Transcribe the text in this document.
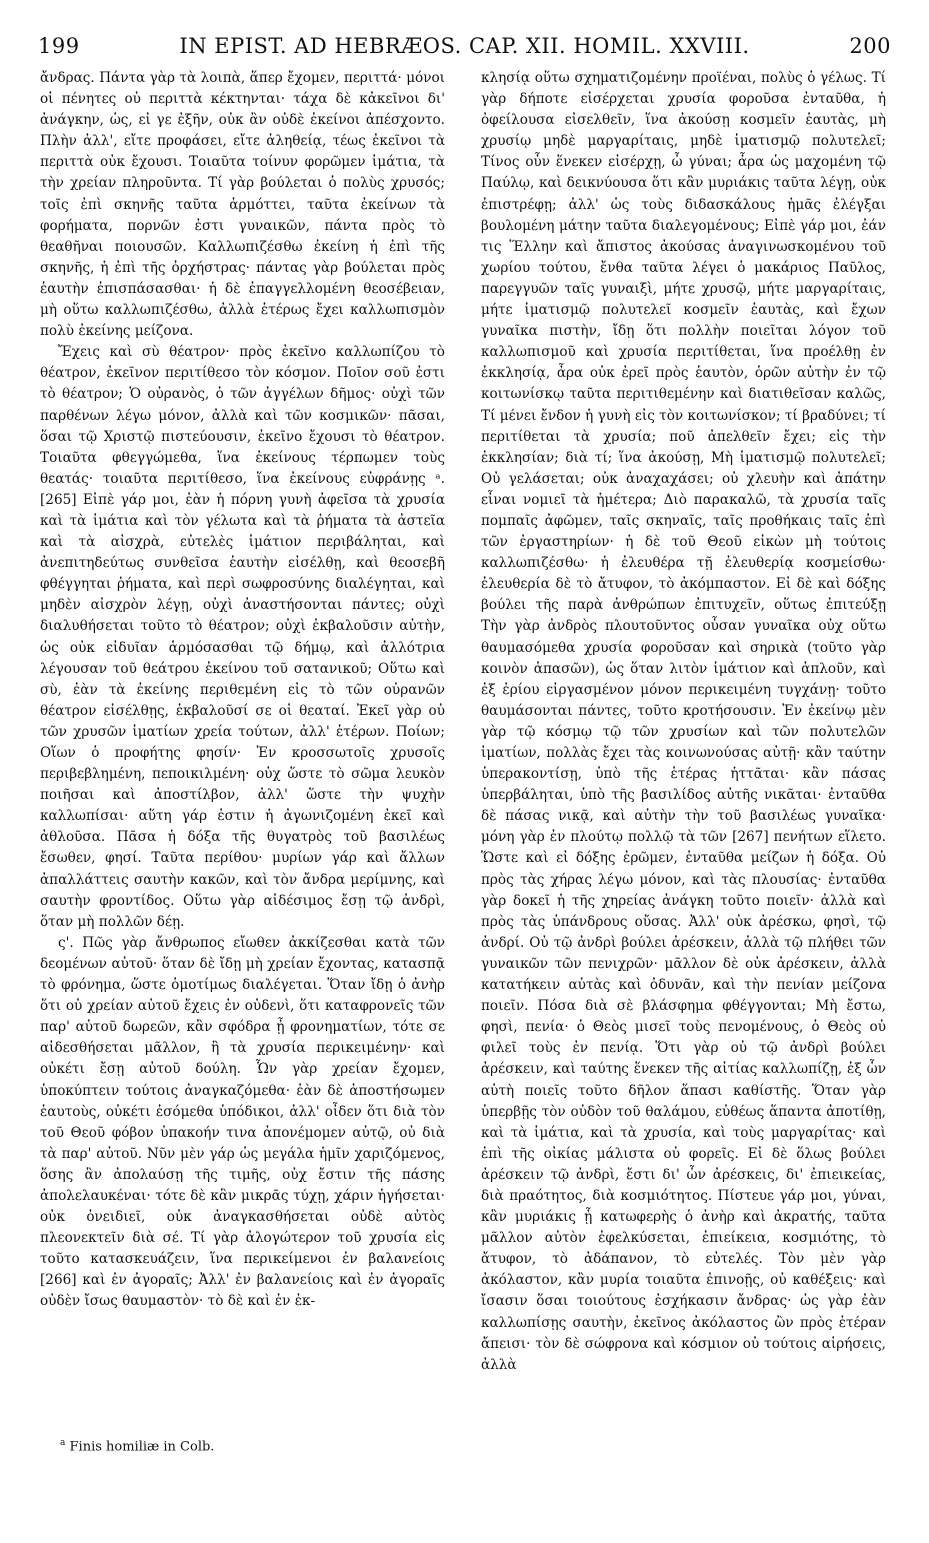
199	IN EPIST. AD HEBRÆOS. CAP. XII. HOMIL. XXVIII.	200

ἄνδρας. Πάντα γὰρ τὰ λοιπὰ, ἅπερ ἔχομεν, περιττά· μόνοι οἱ πένητες οὐ περιττὰ κέκτηνται· τάχα δὲ κἀκεῖνοι δι' ἀνάγκην, ὡς, εἰ γε ἐξῆν, οὐκ ἂν οὐδὲ ἐκείνοι ἀπέσχοντο. Πλὴν ἀλλ', εἴτε προφάσει, εἴτε ἀληθείᾳ, τέως ἐκεῖνοι τὰ περιττὰ οὐκ ἔχουσι. Τοιαῦτα τοίνυν φορῶμεν ἱμάτια, τὰ τὴν χρείαν πληροῦντα. Τί γὰρ βούλεται ὁ πολὺς χρυσός; τοῖς ἐπὶ σκηνῆς ταῦτα ἁρμόττει, ταῦτα ἐκείνων τὰ φορήματα, πορνῶν ἐστι γυναικῶν, πάντα πρὸς τὸ θεαθῆναι ποιουσῶν. Καλλωπιζέσθω ἐκείνη ἡ ἐπὶ τῆς σκηνῆς, ἡ ἐπὶ τῆς ὀρχήστρας· πάντας γὰρ βούλεται πρὸς ἑαυτὴν ἐπισπάσασθαι· ἡ δὲ ἐπαγγελλομένη θεοσέβειαν, μὴ οὕτω καλλωπιζέσθω, ἀλλὰ ἑτέρως ἔχει καλλωπισμὸν πολὺ ἐκείνης μείζονα.

Ἔχεις καὶ σὺ θέατρον· πρὸς ἐκεῖνο καλλωπίζου τὸ θέατρον, ἐκεῖνον περιτίθεσο τὸν κόσμον. Ποῖον σοῦ ἐστι τὸ θέατρον; Ὁ οὐρανὸς, ὁ τῶν ἀγγέλων δῆμος· οὐχὶ τῶν παρθένων λέγω μόνον, ἀλλὰ καὶ τῶν κοσμικῶν· πᾶσαι, ὅσαι τῷ Χριστῷ πιστεύουσιν, ἐκεῖνο ἔχουσι τὸ θέατρον. Τοιαῦτα φθεγγώμεθα, ἵνα ἐκείνους τέρπωμεν τοὺς θεατάς· τοιαῦτα περιτίθεσο, ἵνα ἐκείνους εὐφράνῃς ᵃ. [265] Εἰπὲ γάρ μοι, ἐὰν ἡ πόρνη γυνὴ ἀφεῖσα τὰ χρυσία καὶ τὰ ἱμάτια καὶ τὸν γέλωτα καὶ τὰ ῥήματα τὰ ἀστεῖα καὶ τὰ αἰσχρὰ, εὐτελὲς ἱμάτιον περιβάληται, καὶ ἀνεπιτηδεύτως συνθεῖσα ἑαυτὴν εἰσέλθῃ, καὶ θεοσεβῆ φθέγγηται ῥήματα, καὶ περὶ σωφροσύνης διαλέγηται, καὶ μηδὲν αἰσχρὸν λέγῃ, οὐχὶ ἀναστήσονται πάντες; οὐχὶ διαλυθήσεται τοῦτο τὸ θέατρον; οὐχὶ ἐκβαλοῦσιν αὐτὴν, ὡς οὐκ εἰδυῖαν ἁρμόσασθαι τῷ δήμῳ, καὶ ἀλλότρια λέγουσαν τοῦ θεάτρου ἐκείνου τοῦ σατανικοῦ; Οὕτω καὶ σὺ, ἐὰν τὰ ἐκείνης περιθεμένη εἰς τὸ τῶν οὐρανῶν θέατρον εἰσέλθῃς, ἐκβαλοῦσί σε οἱ θεαταί. Ἐκεῖ γὰρ οὐ τῶν χρυσῶν ἱματίων χρεία τούτων, ἀλλ' ἑτέρων. Ποίων; Οἵων ὁ προφήτης φησίν· Ἐν κροσσωτοῖς χρυσοῖς περιβεβλημένη, πεποικιλμένη· οὐχ ὥστε τὸ σῶμα λευκὸν ποιῆσαι καὶ ἀποστίλβον, ἀλλ' ὥστε τὴν ψυχὴν καλλωπίσαι· αὕτη γάρ ἐστιν ἡ ἀγωνιζομένη ἐκεῖ καὶ ἀθλοῦσα. Πᾶσα ἡ δόξα τῆς θυγατρὸς τοῦ βασιλέως ἔσωθεν, φησί. Ταῦτα περίθου· μυρίων γάρ καὶ ἄλλων ἀπαλλάττεις σαυτὴν κακῶν, καὶ τὸν ἄνδρα μερίμνης, καὶ σαυτὴν φροντίδος. Οὕτω γὰρ αἰδέσιμος ἔσῃ τῷ ἀνδρὶ, ὅταν μὴ πολλῶν δέῃ.

ς'. Πῶς γὰρ ἄνθρωπος εἴωθεν ἀκκίζεσθαι κατὰ τῶν δεομένων αὐτοῦ· ὅταν δὲ ἴδῃ μὴ χρείαν ἔχοντας, κατασπᾷ τὸ φρόνημα, ὥστε ὁμοτίμως διαλέγεται. Ὅταν ἴδῃ ὁ ἀνὴρ ὅτι οὐ χρείαν αὐτοῦ ἔχεις ἐν οὐδενὶ, ὅτι καταφρονεῖς τῶν παρ' αὐτοῦ δωρεῶν, κἂν σφόδρα ᾖ φρονηματίων, τότε σε αἰδεσθήσεται μᾶλλον, ἢ τὰ χρυσία περικειμένην· καὶ οὐκέτι ἔσῃ αὐτοῦ δούλη. Ὧν γὰρ χρείαν ἔχομεν, ὑποκύπτειν τούτοις ἀναγκαζόμεθα· ἐὰν δὲ ἀποστήσωμεν ἑαυτοὺς, οὐκέτι ἐσόμεθα ὑπόδικοι, ἀλλ' οἶδεν ὅτι διὰ τὸν τοῦ Θεοῦ φόβον ὑπακοήν τινα ἀπονέμομεν αὐτῷ, οὐ διὰ τὰ παρ' αὐτοῦ. Νῦν μὲν γάρ ὡς μεγάλα ἡμῖν χαριζόμενος, ὅσης ἂν ἀπολαύσῃ τῆς τιμῆς, οὐχ ἔστιν τῆς πάσης ἀπολελαυκέναι· τότε δὲ κἂν μικρᾶς τύχῃ, χάριν ἡγήσεται· οὐκ ὀνειδιεῖ, οὐκ ἀναγκασθήσεται οὐδὲ αὐτὸς πλεονεκτεῖν διὰ σέ. Τί γὰρ ἀλογώτερον τοῦ χρυσία εἰς τοῦτο κατασκευάζειν, ἵνα περικείμενοι ἐν βαλανείοις [266] καὶ ἐν ἀγοραῖς; Ἀλλ' ἐν βαλανείοις καὶ ἐν ἀγοραῖς οὐδὲν ἴσως θαυμαστὸν· τὸ δὲ καὶ ἐν ἐκ-

κλησίᾳ οὕτω σχηματιζομένην προϊέναι, πολὺς ὁ γέλως. Τί γὰρ δήποτε εἰσέρχεται χρυσία φοροῦσα ἐνταῦθα, ἡ ὀφείλουσα εἰσελθεῖν, ἵνα ἀκούσῃ κοσμεῖν ἑαυτὰς, μὴ χρυσίῳ μηδὲ μαργαρίταις, μηδὲ ἱματισμῷ πολυτελεῖ; Τίνος οὖν ἕνεκεν εἰσέρχῃ, ὦ γύναι; ἆρα ὡς μαχομένη τῷ Παύλῳ, καὶ δεικνύουσα ὅτι κἂν μυριάκις ταῦτα λέγῃ, οὐκ ἐπιστρέφῃ; ἀλλ' ὡς τοὺς διδασκάλους ἡμᾶς ἐλέγξαι βουλομένη μάτην ταῦτα διαλεγομένους; Εἰπὲ γάρ μοι, ἐάν τις Ἕλλην καὶ ἄπιστος ἀκούσας ἀναγινωσκομένου τοῦ χωρίου τούτου, ἔνθα ταῦτα λέγει ὁ μακάριος Παῦλος, παρεγγυῶν ταῖς γυναιξὶ, μήτε χρυσῷ, μήτε μαργαρίταις, μήτε ἱματισμῷ πολυτελεῖ κοσμεῖν ἑαυτὰς, καὶ ἔχων γυναῖκα πιστὴν, ἴδῃ ὅτι πολλὴν ποιεῖται λόγον τοῦ καλλωπισμοῦ καὶ χρυσία περιτίθεται, ἵνα προέλθῃ ἐν ἐκκλησίᾳ, ἆρα οὐκ ἐρεῖ πρὸς ἑαυτὸν, ὁρῶν αὐτὴν ἐν τῷ κοιτωνίσκῳ ταῦτα περιτιθεμένην καὶ διατιθεῖσαν καλῶς, Τί μένει ἔνδον ἡ γυνὴ εἰς τὸν κοιτωνίσκον; τί βραδύνει; τί περιτίθεται τὰ χρυσία; ποῦ ἀπελθεῖν ἔχει; εἰς τὴν ἐκκλησίαν; διὰ τί; ἵνα ἀκούσῃ, Μὴ ἱματισμῷ πολυτελεῖ; Οὐ γελάσεται; οὐκ ἀναχαχάσει; οὐ χλευὴν καὶ ἀπάτην εἶναι νομιεῖ τὰ ἡμέτερα; Διὸ παρακαλῶ, τὰ χρυσία ταῖς πομπαῖς ἀφῶμεν, ταῖς σκηναῖς, ταῖς προθήκαις ταῖς ἐπὶ τῶν ἐργαστηρίων· ἡ δὲ τοῦ Θεοῦ εἰκὼν μὴ τούτοις καλλωπιζέσθω· ἡ ἐλευθέρα τῇ ἐλευθερίᾳ κοσμείσθω· ἐλευθερία δὲ τὸ ἄτυφον, τὸ ἀκόμπαστον. Εἰ δὲ καὶ δόξης βούλει τῆς παρὰ ἀνθρώπων ἐπιτυχεῖν, οὕτως ἐπιτεύξῃ Τὴν γὰρ ἀνδρὸς πλουτοῦντος οὖσαν γυναῖκα οὐχ οὕτω θαυμασόμεθα χρυσία φοροῦσαν καὶ σηρικὰ (τοῦτο γὰρ κοινὸν ἁπασῶν), ὡς ὅταν λιτὸν ἱμάτιον καὶ ἁπλοῦν, καὶ ἐξ ἐρίου εἰργασμένον μόνον περικειμένη τυγχάνῃ· τοῦτο θαυμάσονται πάντες, τοῦτο κροτήσουσιν. Ἐν ἐκείνῳ μὲν γὰρ τῷ κόσμῳ τῷ τῶν χρυσίων καὶ τῶν πολυτελῶν ἱματίων, πολλὰς ἔχει τὰς κοινωνούσας αὐτῇ· κἂν ταύτην ὑπερακοντίσῃ, ὑπὸ τῆς ἑτέρας ἡττᾶται· κἂν πάσας ὑπερβάληται, ὑπὸ τῆς βασιλίδος αὐτῆς νικᾶται· ἐνταῦθα δὲ πάσας νικᾷ, καὶ αὐτὴν τὴν τοῦ βασιλέως γυναῖκα· μόνη γὰρ ἐν πλούτῳ πολλῷ τὰ τῶν [267] πενήτων εἵλετο. Ὥστε καὶ εἰ δόξης ἐρῶμεν, ἐνταῦθα μείζων ἡ δόξα. Οὐ πρὸς τὰς χήρας λέγω μόνον, καὶ τὰς πλουσίας· ἐνταῦθα γὰρ δοκεῖ ἡ τῆς χηρείας ἀνάγκη τοῦτο ποιεῖν· ἀλλὰ καὶ πρὸς τὰς ὑπάνδρους οὔσας. Ἀλλ' οὐκ ἀρέσκω, φησὶ, τῷ ἀνδρί. Οὐ τῷ ἀνδρὶ βούλει ἀρέσκειν, ἀλλὰ τῷ πλήθει τῶν γυναικῶν τῶν πενιχρῶν· μᾶλλον δὲ οὐκ ἀρέσκειν, ἀλλὰ κατατήκειν αὐτὰς καὶ ὀδυνᾶν, καὶ τὴν πενίαν μείζονα ποιεῖν. Πόσα διὰ σὲ βλάσφημα φθέγγονται; Μὴ ἔστω, φησὶ, πενία· ὁ Θεὸς μισεῖ τοὺς πενομένους, ὁ Θεὸς οὐ φιλεῖ τοὺς ἐν πενίᾳ. Ὅτι γὰρ οὐ τῷ ἀνδρὶ βούλει ἀρέσκειν, καὶ ταύτης ἕνεκεν τῆς αἰτίας καλλωπίζῃ, ἐξ ὧν αὐτὴ ποιεῖς τοῦτο δῆλον ἅπασι καθίστῆς. Ὅταν γὰρ ὑπερβῇς τὸν οὐδὸν τοῦ θαλάμου, εὐθέως ἅπαντα ἀποτίθῃ, καὶ τὰ ἱμάτια, καὶ τὰ χρυσία, καὶ τοὺς μαργαρίτας· καὶ ἐπὶ τῆς οἰκίας μάλιστα οὐ φορεῖς. Εἰ δὲ ὅλως βούλει ἀρέσκειν τῷ ἀνδρὶ, ἔστι δι' ὧν ἀρέσκεις, δι' ἐπιεικείας, διὰ πραότητος, διὰ κοσμιότητος. Πίστευε γάρ μοι, γύναι, κἂν μυριάκις ᾖ κατωφερὴς ὁ ἀνὴρ καὶ ἀκρατής, ταῦτα μᾶλλον αὐτὸν ἐφελκύσεται, ἐπιείκεια, κοσμιότης, τὸ ἄτυφον, τὸ ἀδάπανον, τὸ εὐτελές. Τὸν μὲν γὰρ ἀκόλαστον, κἂν μυρία τοιαῦτα ἐπινοῇς, οὐ καθέξεις· καὶ ἴσασιν ὅσαι τοιούτους ἐσχήκασιν ἄνδρας· ὡς γὰρ ἐὰν καλλωπίσῃς σαυτὴν, ἐκεῖνος ἀκόλαστος ὢν πρὸς ἑτέραν ἄπεισι· τὸν δὲ σώφρονα καὶ κόσμιον οὐ τούτοις αἱρήσεις, ἀλλὰ

$^a$ Finis homiliæ in Colb.
